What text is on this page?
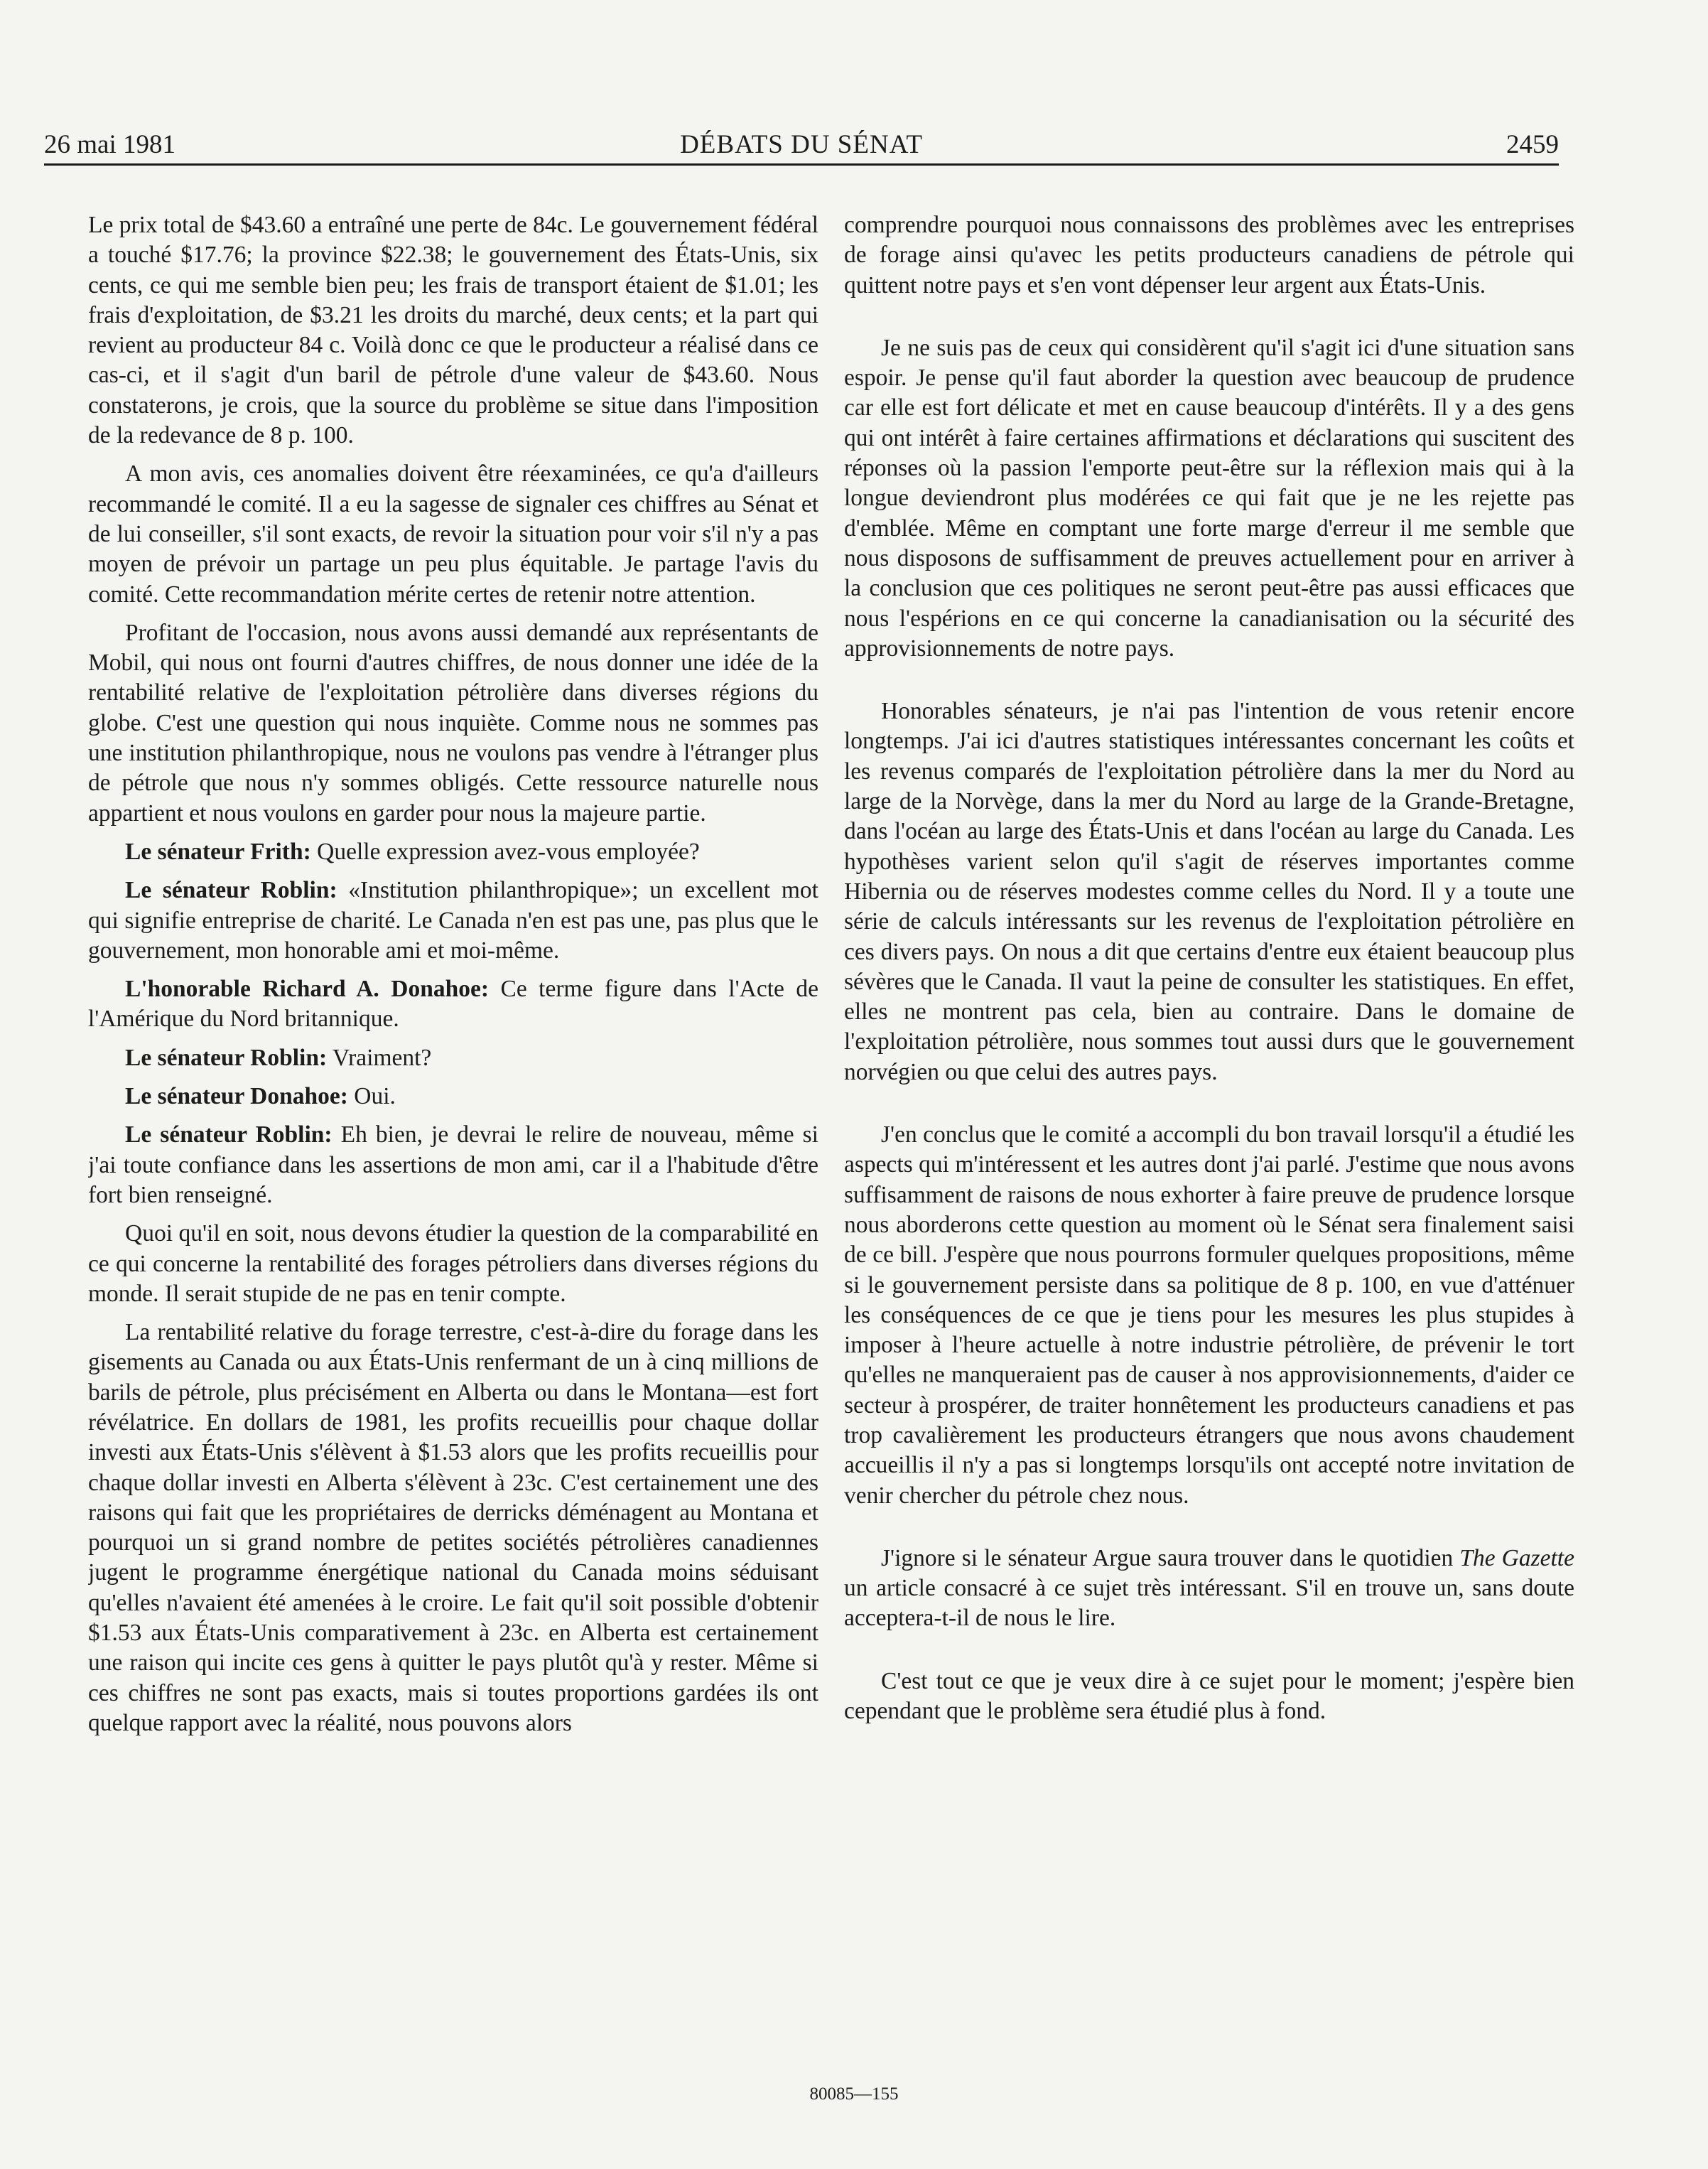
26 mai 1981	DÉBATS DU SÉNAT	2459

Le prix total de $43.60 a entraîné une perte de 84c. Le gouvernement fédéral a touché $17.76; la province $22.38; le gouvernement des États-Unis, six cents, ce qui me semble bien peu; les frais de transport étaient de $1.01; les frais d'exploitation, de $3.21 les droits du marché, deux cents; et la part qui revient au producteur 84 c. Voilà donc ce que le producteur a réalisé dans ce cas-ci, et il s'agit d'un baril de pétrole d'une valeur de $43.60. Nous constaterons, je crois, que la source du problème se situe dans l'imposition de la redevance de 8 p. 100.

A mon avis, ces anomalies doivent être réexaminées, ce qu'a d'ailleurs recommandé le comité. Il a eu la sagesse de signaler ces chiffres au Sénat et de lui conseiller, s'il sont exacts, de revoir la situation pour voir s'il n'y a pas moyen de prévoir un partage un peu plus équitable. Je partage l'avis du comité. Cette recommandation mérite certes de retenir notre attention.

Profitant de l'occasion, nous avons aussi demandé aux représentants de Mobil, qui nous ont fourni d'autres chiffres, de nous donner une idée de la rentabilité relative de l'exploitation pétrolière dans diverses régions du globe. C'est une question qui nous inquiète. Comme nous ne sommes pas une institution philanthropique, nous ne voulons pas vendre à l'étranger plus de pétrole que nous n'y sommes obligés. Cette ressource naturelle nous appartient et nous voulons en garder pour nous la majeure partie.

Le sénateur Frith: Quelle expression avez-vous employée?

Le sénateur Roblin: «Institution philanthropique»; un excellent mot qui signifie entreprise de charité. Le Canada n'en est pas une, pas plus que le gouvernement, mon honorable ami et moi-même.

L'honorable Richard A. Donahoe: Ce terme figure dans l'Acte de l'Amérique du Nord britannique.

Le sénateur Roblin: Vraiment?

Le sénateur Donahoe: Oui.

Le sénateur Roblin: Eh bien, je devrai le relire de nouveau, même si j'ai toute confiance dans les assertions de mon ami, car il a l'habitude d'être fort bien renseigné.

Quoi qu'il en soit, nous devons étudier la question de la comparabilité en ce qui concerne la rentabilité des forages pétroliers dans diverses régions du monde. Il serait stupide de ne pas en tenir compte.

La rentabilité relative du forage terrestre, c'est-à-dire du forage dans les gisements au Canada ou aux États-Unis renfermant de un à cinq millions de barils de pétrole, plus précisément en Alberta ou dans le Montana—est fort révélatrice. En dollars de 1981, les profits recueillis pour chaque dollar investi aux États-Unis s'élèvent à $1.53 alors que les profits recueillis pour chaque dollar investi en Alberta s'élèvent à 23c. C'est certainement une des raisons qui fait que les propriétaires de derricks déménagent au Montana et pourquoi un si grand nombre de petites sociétés pétrolières canadiennes jugent le programme énergétique national du Canada moins séduisant qu'elles n'avaient été amenées à le croire. Le fait qu'il soit possible d'obtenir $1.53 aux États-Unis comparativement à 23c. en Alberta est certainement une raison qui incite ces gens à quitter le pays plutôt qu'à y rester. Même si ces chiffres ne sont pas exacts, mais si toutes proportions gardées ils ont quelque rapport avec la réalité, nous pouvons alors

comprendre pourquoi nous connaissons des problèmes avec les entreprises de forage ainsi qu'avec les petits producteurs canadiens de pétrole qui quittent notre pays et s'en vont dépenser leur argent aux États-Unis.

Je ne suis pas de ceux qui considèrent qu'il s'agit ici d'une situation sans espoir. Je pense qu'il faut aborder la question avec beaucoup de prudence car elle est fort délicate et met en cause beaucoup d'intérêts. Il y a des gens qui ont intérêt à faire certaines affirmations et déclarations qui suscitent des réponses où la passion l'emporte peut-être sur la réflexion mais qui à la longue deviendront plus modérées ce qui fait que je ne les rejette pas d'emblée. Même en comptant une forte marge d'erreur il me semble que nous disposons de suffisamment de preuves actuellement pour en arriver à la conclusion que ces politiques ne seront peut-être pas aussi efficaces que nous l'espérions en ce qui concerne la canadianisation ou la sécurité des approvisionnements de notre pays.

Honorables sénateurs, je n'ai pas l'intention de vous retenir encore longtemps. J'ai ici d'autres statistiques intéressantes concernant les coûts et les revenus comparés de l'exploitation pétrolière dans la mer du Nord au large de la Norvège, dans la mer du Nord au large de la Grande-Bretagne, dans l'océan au large des États-Unis et dans l'océan au large du Canada. Les hypothèses varient selon qu'il s'agit de réserves importantes comme Hibernia ou de réserves modestes comme celles du Nord. Il y a toute une série de calculs intéressants sur les revenus de l'exploitation pétrolière en ces divers pays. On nous a dit que certains d'entre eux étaient beaucoup plus sévères que le Canada. Il vaut la peine de consulter les statistiques. En effet, elles ne montrent pas cela, bien au contraire. Dans le domaine de l'exploitation pétrolière, nous sommes tout aussi durs que le gouvernement norvégien ou que celui des autres pays.

J'en conclus que le comité a accompli du bon travail lorsqu'il a étudié les aspects qui m'intéressent et les autres dont j'ai parlé. J'estime que nous avons suffisamment de raisons de nous exhorter à faire preuve de prudence lorsque nous aborderons cette question au moment où le Sénat sera finalement saisi de ce bill. J'espère que nous pourrons formuler quelques propositions, même si le gouvernement persiste dans sa politique de 8 p. 100, en vue d'atténuer les conséquences de ce que je tiens pour les mesures les plus stupides à imposer à l'heure actuelle à notre industrie pétrolière, de prévenir le tort qu'elles ne manqueraient pas de causer à nos approvisionnements, d'aider ce secteur à prospérer, de traiter honnêtement les producteurs canadiens et pas trop cavalièrement les producteurs étrangers que nous avons chaudement accueillis il n'y a pas si longtemps lorsqu'ils ont accepté notre invitation de venir chercher du pétrole chez nous.

J'ignore si le sénateur Argue saura trouver dans le quotidien The Gazette un article consacré à ce sujet très intéressant. S'il en trouve un, sans doute acceptera-t-il de nous le lire.

C'est tout ce que je veux dire à ce sujet pour le moment; j'espère bien cependant que le problème sera étudié plus à fond.

80085—155
